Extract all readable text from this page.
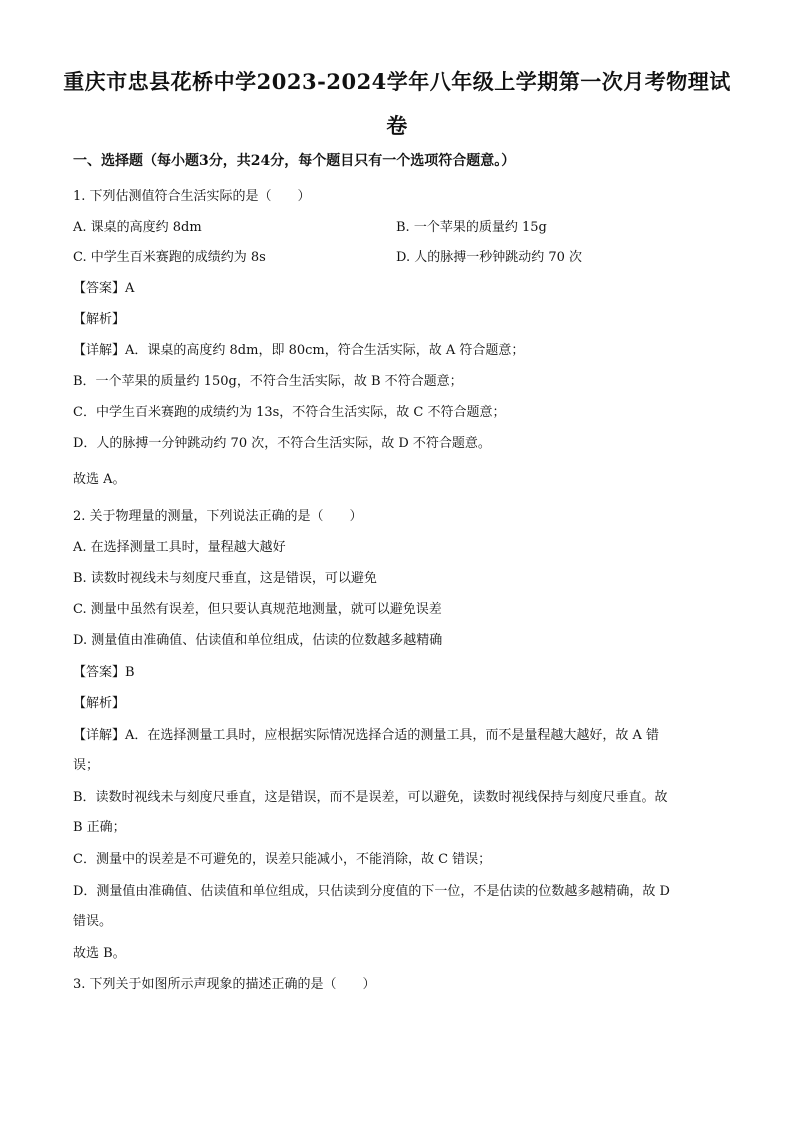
重庆市忠县花桥中学2023-2024学年八年级上学期第一次月考物理试
卷
一、选择题（每小题3分，共24分，每个题目只有一个选项符合题意。）
1. 下列估测值符合生活实际的是（　　）
A. 课桌的高度约 8dm	B. 一个苹果的质量约 15g
C. 中学生百米赛跑的成绩约为 8s	D. 人的脉搏一秒钟跳动约 70 次
【答案】A
【解析】
【详解】A．课桌的高度约 8dm，即 80cm，符合生活实际，故 A 符合题意；
B．一个苹果的质量约 150g，不符合生活实际，故 B 不符合题意；
C．中学生百米赛跑的成绩约为 13s，不符合生活实际，故 C 不符合题意；
D．人的脉搏一分钟跳动约 70 次，不符合生活实际，故 D 不符合题意。
故选 A。
2. 关于物理量的测量，下列说法正确的是（　　）
A. 在选择测量工具时，量程越大越好
B. 读数时视线未与刻度尺垂直，这是错误，可以避免
C. 测量中虽然有误差，但只要认真规范地测量，就可以避免误差
D. 测量值由准确值、估读值和单位组成，估读的位数越多越精确
【答案】B
【解析】
【详解】A．在选择测量工具时，应根据实际情况选择合适的测量工具，而不是量程越大越好，故 A 错
误；
B．读数时视线未与刻度尺垂直，这是错误，而不是误差，可以避免，读数时视线保持与刻度尺垂直。故
B 正确；
C．测量中的误差是不可避免的，误差只能减小，不能消除，故 C 错误；
D．测量值由准确值、估读值和单位组成，只估读到分度值的下一位，不是估读的位数越多越精确，故 D
错误。
故选 B。
3. 下列关于如图所示声现象的描述正确的是（　　）
